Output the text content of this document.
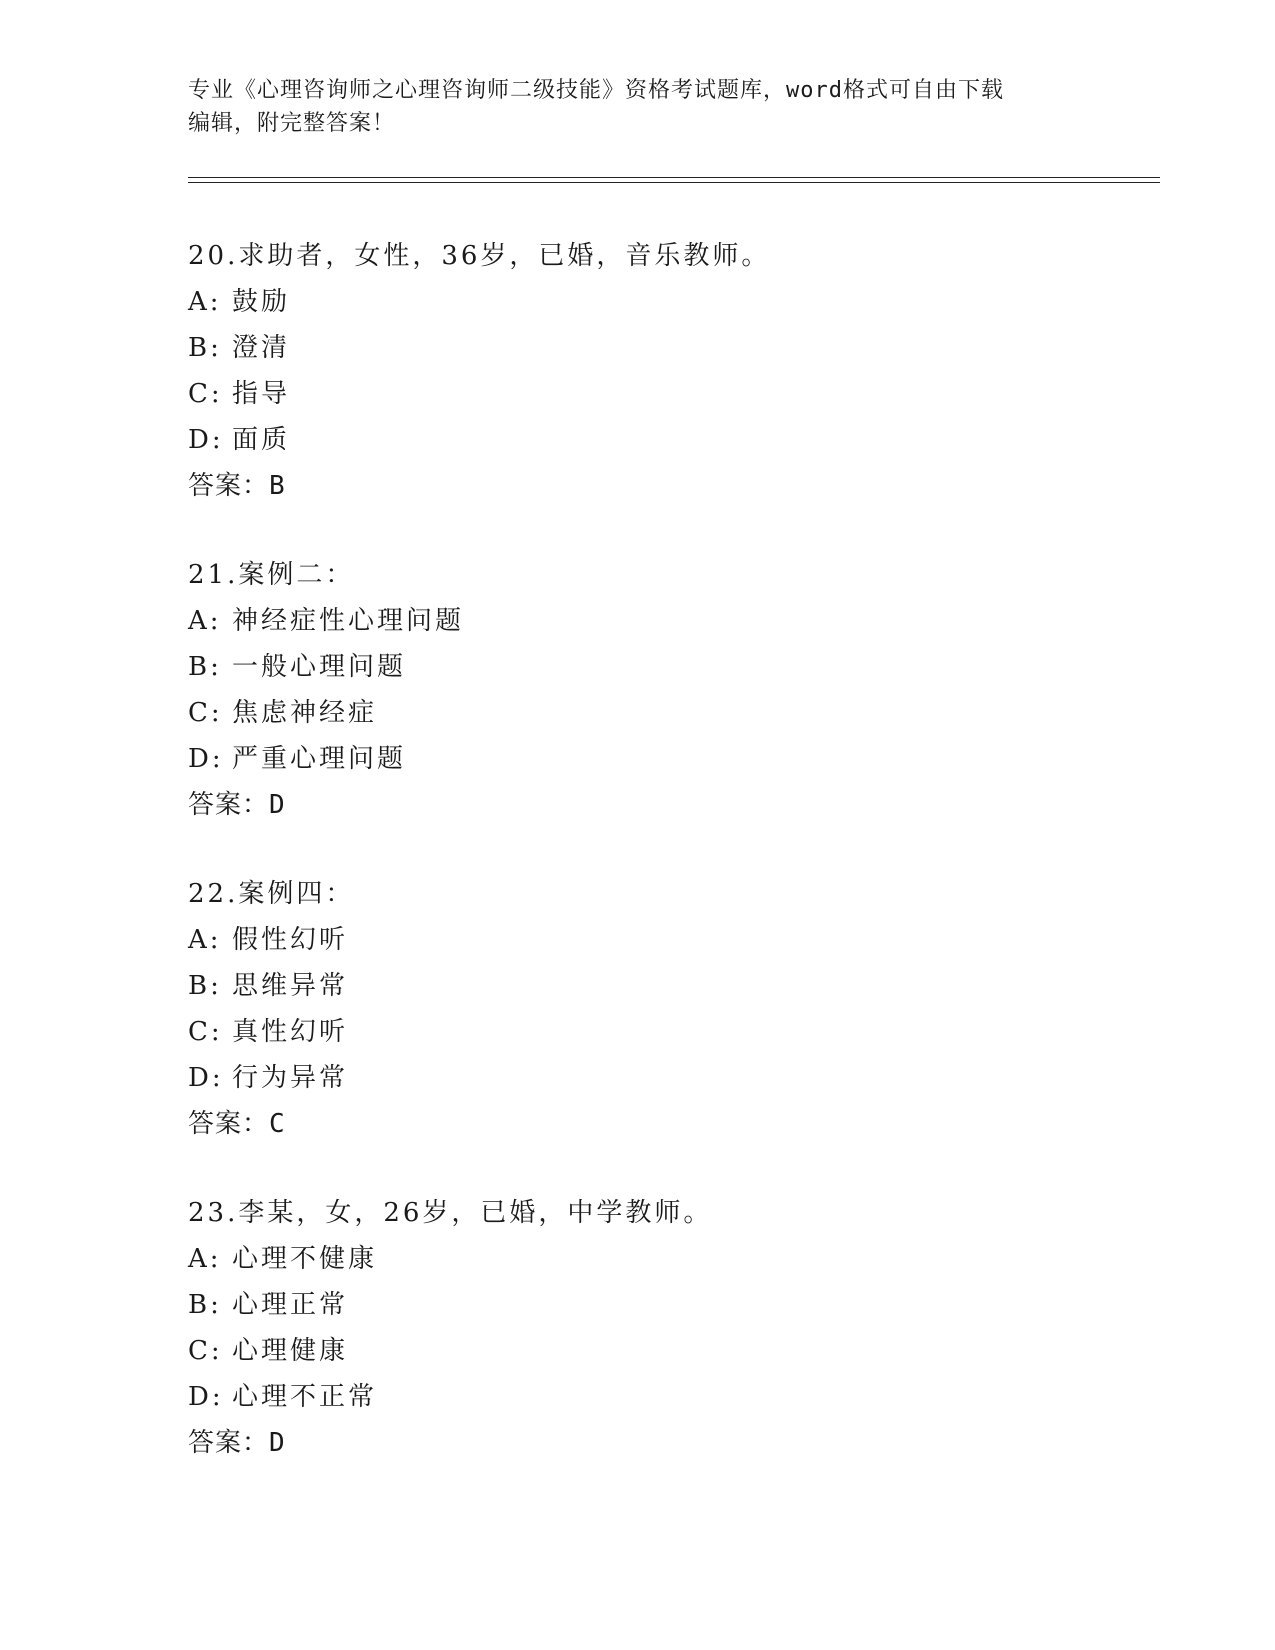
专业《心理咨询师之心理咨询师二级技能》资格考试题库，word格式可自由下载
编辑，附完整答案！
20.求助者，女性，36岁，已婚，音乐教师。
A: 鼓励
B: 澄清
C: 指导
D: 面质
答案：B
21.案例二：
A: 神经症性心理问题
B: 一般心理问题
C: 焦虑神经症
D: 严重心理问题
答案：D
22.案例四：
A: 假性幻听
B: 思维异常
C: 真性幻听
D: 行为异常
答案：C
23.李某，女，26岁，已婚，中学教师。
A: 心理不健康
B: 心理正常
C: 心理健康
D: 心理不正常
答案：D
